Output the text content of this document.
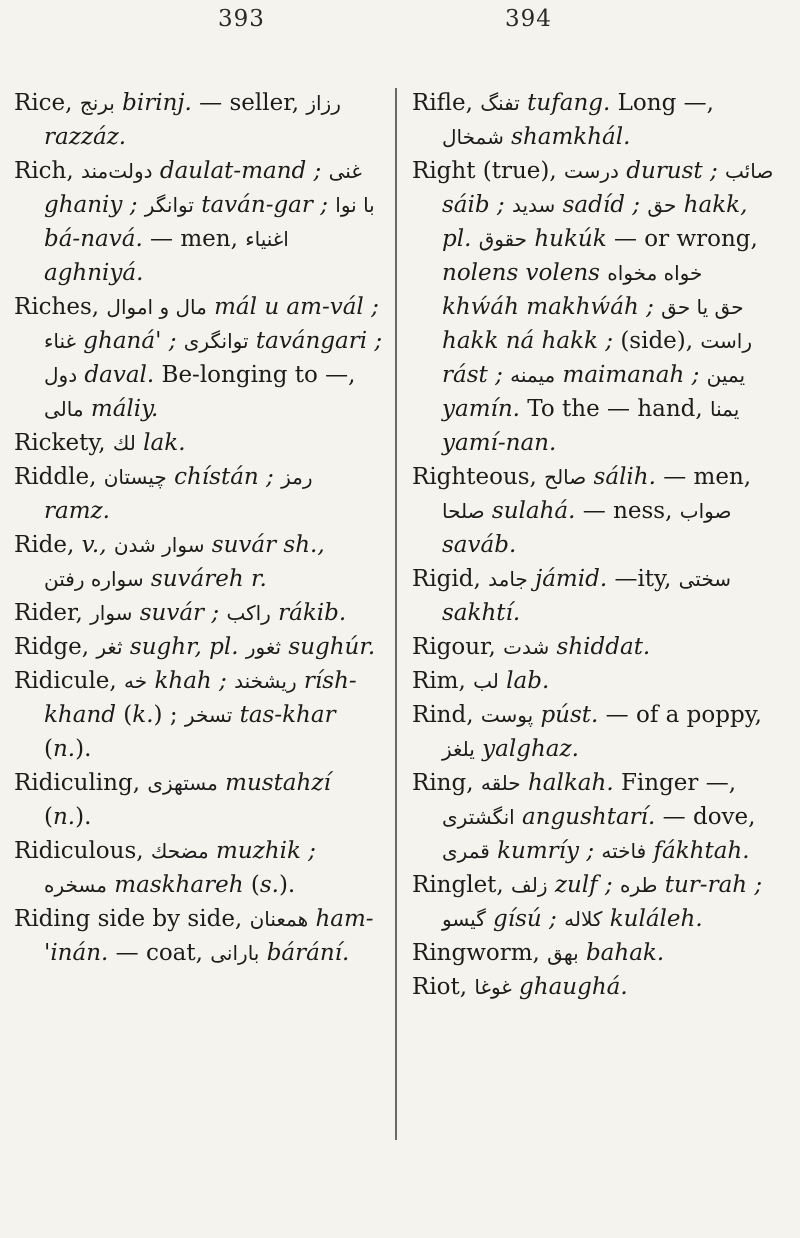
393	394

Rice, برنج birinj. — seller, رزاز razzáz.

Rich, دولت‌مند daulat-mand ; غنی ghaniy ; توانگر taván-gar ; با نوا bá-navá. — men, اغنیاء aghniyá.

Riches, مال و اموال mál u am-vál ; غناء ghaná' ; توانگری tavángari ; دول daval. Be-longing to —, مالی máliy.

Rickety, لك lak.

Riddle, چیستان chístán ; رمز ramz.

Ride, v., سوار شدن suvár sh., سواره رفتن suváreh r.

Rider, سوار suvár ; راکب rákib.

Ridge, ثغر sughr, pl. ثغور sughúr.

Ridicule, خه khah ; ریشخند rísh-khand (k.) ; تسخر tas-khar (n.).

Ridiculing, مستهزی mustahzí (n.).

Ridiculous, مضحك muzhik ; مسخره maskhareh (s.).

Riding side by side, همعنان ham-'inán. — coat, بارانی bárání.

Rifle, تفنگ tufang. Long —, شمخال shamkhál.

Right (true), درست durust ; صائب sáib ; سدید sadíd ; حق hakk, pl. حقوق hukúk — or wrong, nolens volens خواه مخواه khẃáh makhẃáh ; حق یا حق hakk ná hakk ; (side), راست rást ; میمنه maimanah ; یمین yamín. To the — hand, یمنا yamí-nan.

Righteous, صالح sálih. — men, صلحا sulahá. — ness, صواب saváb.

Rigid, جامد jámid. —ity, سختی sakhtí.

Rigour, شدت shiddat.

Rim, لب lab.

Rind, پوست púst. — of a poppy, یلغز yalghaz.

Ring, حلقه halkah. Finger —, انگشتری angushtarí. — dove, قمری kumríy ; فاخته fákhtah.

Ringlet, زلف zulf ; طره tur-rah ; گیسو gísú ; کلاله kuláleh.

Ringworm, بهق bahak.

Riot, غوغا ghaughá.
